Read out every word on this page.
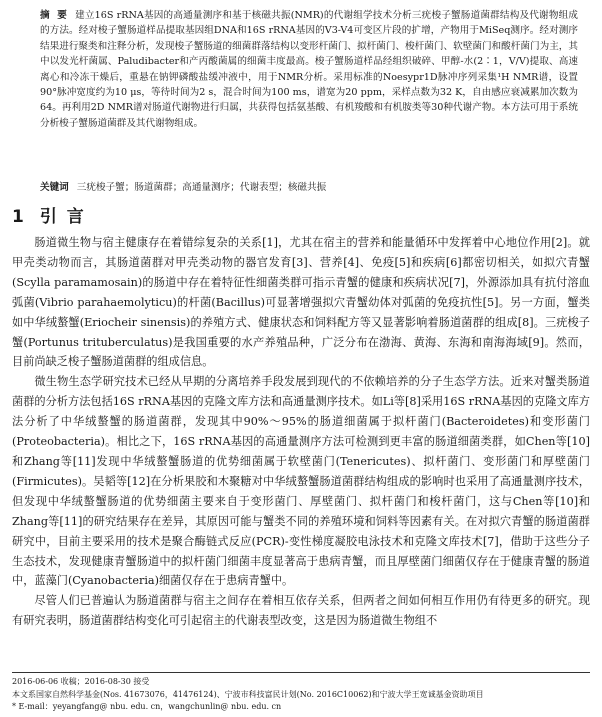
摘 要 建立16S rRNA基因的高通量测序和基于核磁共振(NMR)的代谢组学技术分析三疣梭子蟹肠道菌群结构及代谢物组成的方法。经对梭子蟹肠道样品提取基因组DNA和16S rRNA基因的V3-V4可变区片段的扩增，产物用于MiSeq测序。经对测序结果进行聚类和注释分析，发现梭子蟹肠道的细菌群落结构以变形杆菌门、拟杆菌门、梭杆菌门、软壁菌门和酸杆菌门为主，其中以发光杆菌属、Paludibacter和产丙酸菌属的细菌丰度最高。梭子蟹肠道样品经组织破碎、甲醇-水(2∶1，V/V)提取、高速离心和冷冻干燥后，重悬在钠钾磷酸盐缓冲液中，用于NMR分析。采用标准的Noesypr1D脉冲序列采集¹H NMR谱，设置90°脉冲宽度约为10 μs，等待时间为2 s，混合时间为100 ms，谱宽为20 ppm，采样点数为32 K，自由感应衰减累加次数为64。再利用2D NMR谱对肠道代谢物进行归属，共获得包括氨基酸、有机羧酸和有机胺类等30种代谢产物。本方法可用于系统分析梭子蟹肠道菌群及其代谢物组成。
关键词 三疣梭子蟹；肠道菌群；高通量测序；代谢表型；核磁共振
1 引 言

肠道微生物与宿主健康存在着错综复杂的关系[1]，尤其在宿主的营养和能量循环中发挥着中心地位作用[2]。就甲壳类动物而言，其肠道菌群对甲壳类动物的器官发育[3]、营养[4]、免疫[5]和疾病[6]都密切相关，如拟穴青蟹(Scylla paramamosain)的肠道中存在着特征性细菌类群可指示青蟹的健康和疾病状况[7]，外源添加具有抗付溶血弧菌(Vibrio parahaemolyticu)的杆菌(Bacillus)可显著增强拟穴青蟹幼体对弧菌的免疫抗性[5]。另一方面，蟹类如中华绒螯蟹(Eriocheir sinensis)的养殖方式、健康状态和饲料配方等又显著影响着肠道菌群的组成[8]。三疣梭子蟹(Portunus trituberculatus)是我国重要的水产养殖品种，广泛分布在渤海、黄海、东海和南海海域[9]。然而，目前尚缺乏梭子蟹肠道菌群的组成信息。

微生物生态学研究技术已经从早期的分离培养手段发展到现代的不依赖培养的分子生态学方法。近来对蟹类肠道菌群的分析方法包括16S rRNA基因的克隆文库方法和高通量测序技术。如Li等[8]采用16S rRNA基因的克隆文库方法分析了中华绒螯蟹的肠道菌群，发现其中90%～95%的肠道细菌属于拟杆菌门(Bacteroidetes)和变形菌门(Proteobacteria)。相比之下，16S rRNA基因的高通量测序方法可检测到更丰富的肠道细菌类群，如Chen等[10]和Zhang等[11]发现中华绒螯蟹肠道的优势细菌属于软壁菌门(Tenericutes)、拟杆菌门、变形菌门和厚壁菌门(Firmicutes)。吴韬等[12]在分析果胶和木聚糖对中华绒螯蟹肠道菌群结构组成的影响时也采用了高通量测序技术，但发现中华绒螯蟹肠道的优势细菌主要来自于变形菌门、厚壁菌门、拟杆菌门和梭杆菌门，这与Chen等[10]和Zhang等[11]的研究结果存在差异，其原因可能与蟹类不同的养殖环境和饲料等因素有关。在对拟穴青蟹的肠道菌群研究中，目前主要采用的技术是聚合酶链式反应(PCR)-变性梯度凝胶电泳技术和克隆文库技术[7]，借助于这些分子生态技术，发现健康青蟹肠道中的拟杆菌门细菌丰度显著高于患病青蟹，而且厚壁菌门细菌仅存在于健康青蟹的肠道中，蓝藻门(Cyanobacteria)细菌仅存在于患病青蟹中。

尽管人们已普遍认为肠道菌群与宿主之间存在着相互依存关系，但两者之间如何相互作用仍有待更多的研究。现有研究表明，肠道菌群结构变化可引起宿主的代谢表型改变，这是因为肠道微生物组不

2016-06-06 收稿；2016-08-30 接受
本文系国家自然科学基金(Nos. 41673076，41476124)、宁波市科技富民计划(No. 2016C10062)和宁波大学王宽诚基金资助项目
* E-mail：yeyangfang@ nbu. edu. cn，wangchunlin@ nbu. edu. cn
